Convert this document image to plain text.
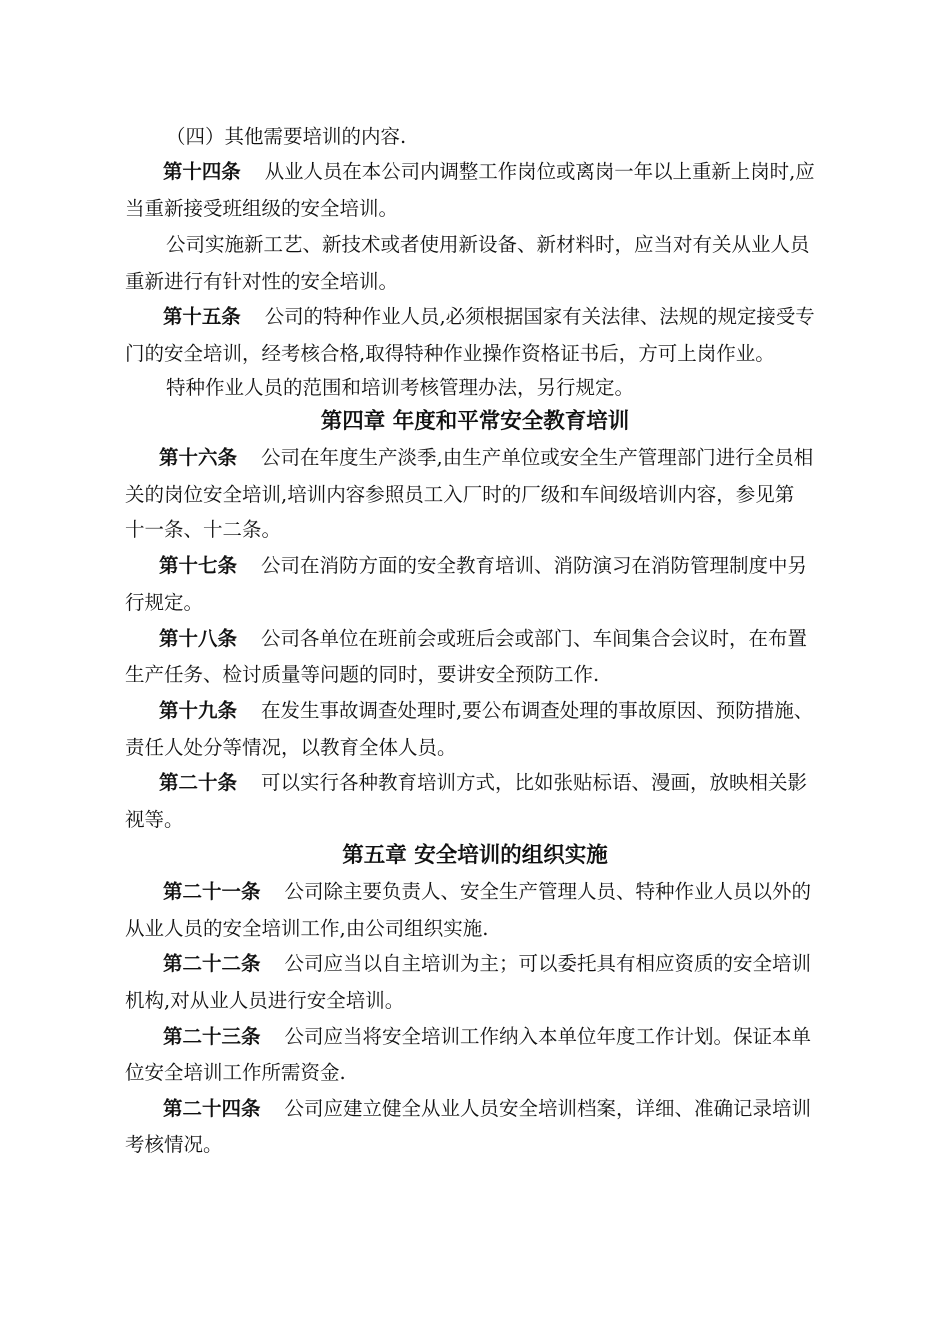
（四）其他需要培训的内容.
第十四条 从业人员在本公司内调整工作岗位或离岗一年以上重新上岗时,应
当重新接受班组级的安全培训。
公司实施新工艺、新技术或者使用新设备、新材料时，应当对有关从业人员
重新进行有针对性的安全培训。
第十五条 公司的特种作业人员,必须根据国家有关法律、法规的规定接受专
门的安全培训，经考核合格,取得特种作业操作资格证书后，方可上岗作业。
特种作业人员的范围和培训考核管理办法，另行规定。
第四章 年度和平常安全教育培训
第十六条 公司在年度生产淡季,由生产单位或安全生产管理部门进行全员相
关的岗位安全培训,培训内容参照员工入厂时的厂级和车间级培训内容，参见第
十一条、十二条。
第十七条 公司在消防方面的安全教育培训、消防演习在消防管理制度中另
行规定。
第十八条 公司各单位在班前会或班后会或部门、车间集合会议时，在布置
生产任务、检讨质量等问题的同时，要讲安全预防工作.
第十九条 在发生事故调查处理时,要公布调查处理的事故原因、预防措施、
责任人处分等情况，以教育全体人员。
第二十条 可以实行各种教育培训方式，比如张贴标语、漫画，放映相关影
视等。
第五章 安全培训的组织实施
第二十一条 公司除主要负责人、安全生产管理人员、特种作业人员以外的
从业人员的安全培训工作,由公司组织实施.
第二十二条 公司应当以自主培训为主；可以委托具有相应资质的安全培训
机构,对从业人员进行安全培训。
第二十三条 公司应当将安全培训工作纳入本单位年度工作计划。保证本单
位安全培训工作所需资金.
第二十四条 公司应建立健全从业人员安全培训档案，详细、准确记录培训
考核情况。
